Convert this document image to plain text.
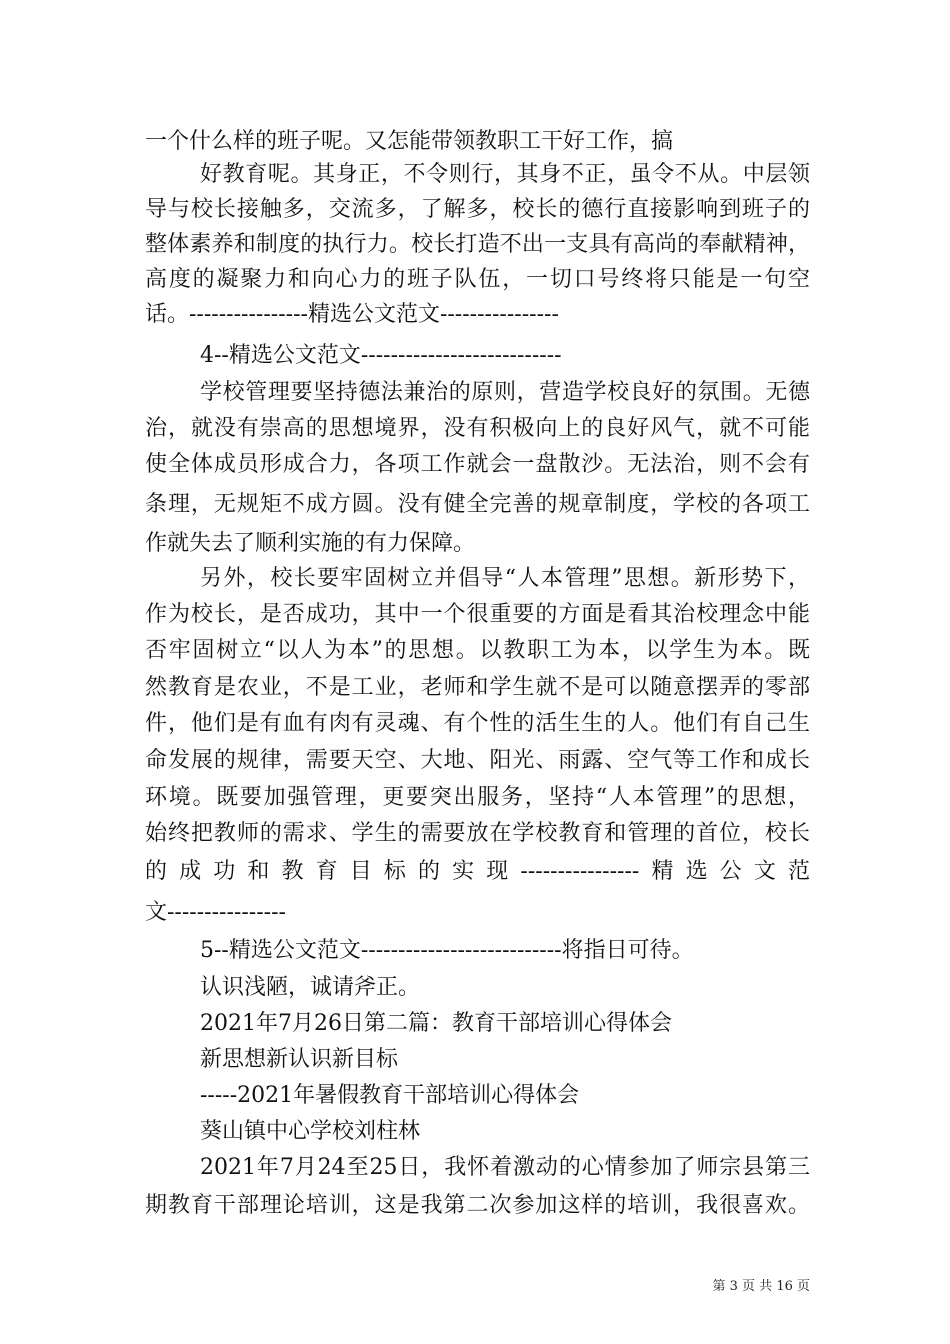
一个什么样的班子呢。又怎能带领教职工干好工作，搞
好教育呢。其身正，不令则行，其身不正，虽令不从。中层领
导与校长接触多，交流多，了解多，校长的德行直接影响到班子的
整体素养和制度的执行力。校长打造不出一支具有高尚的奉献精神，
高度的凝聚力和向心力的班子队伍，一切口号终将只能是一句空
话。----------------精选公文范文----------------
4--精选公文范文---------------------------
学校管理要坚持德法兼治的原则，营造学校良好的氛围。无德
治，就没有崇高的思想境界，没有积极向上的良好风气，就不可能
使全体成员形成合力，各项工作就会一盘散沙。无法治，则不会有
条理，无规矩不成方圆。没有健全完善的规章制度，学校的各项工
作就失去了顺利实施的有力保障。
另外，校长要牢固树立并倡导“人本管理”思想。新形势下，
作为校长，是否成功，其中一个很重要的方面是看其治校理念中能
否牢固树立“以人为本”的思想。以教职工为本，以学生为本。既
然教育是农业，不是工业，老师和学生就不是可以随意摆弄的零部
件，他们是有血有肉有灵魂、有个性的活生生的人。他们有自己生
命发展的规律，需要天空、大地、阳光、雨露、空气等工作和成长
环境。既要加强管理，更要突出服务，坚持“人本管理”的思想，
始终把教师的需求、学生的需要放在学校教育和管理的首位，校长
的成功和教育目标的实现----------------精选公文范
文----------------
5--精选公文范文---------------------------将指日可待。
认识浅陋，诚请斧正。
2021年7月26日第二篇：教育干部培训心得体会
新思想新认识新目标
-----2021年暑假教育干部培训心得体会
葵山镇中心学校刘柱林
2021年7月24至25日，我怀着激动的心情参加了师宗县第三
期教育干部理论培训，这是我第二次参加这样的培训，我很喜欢。
第 3 页 共 16 页
